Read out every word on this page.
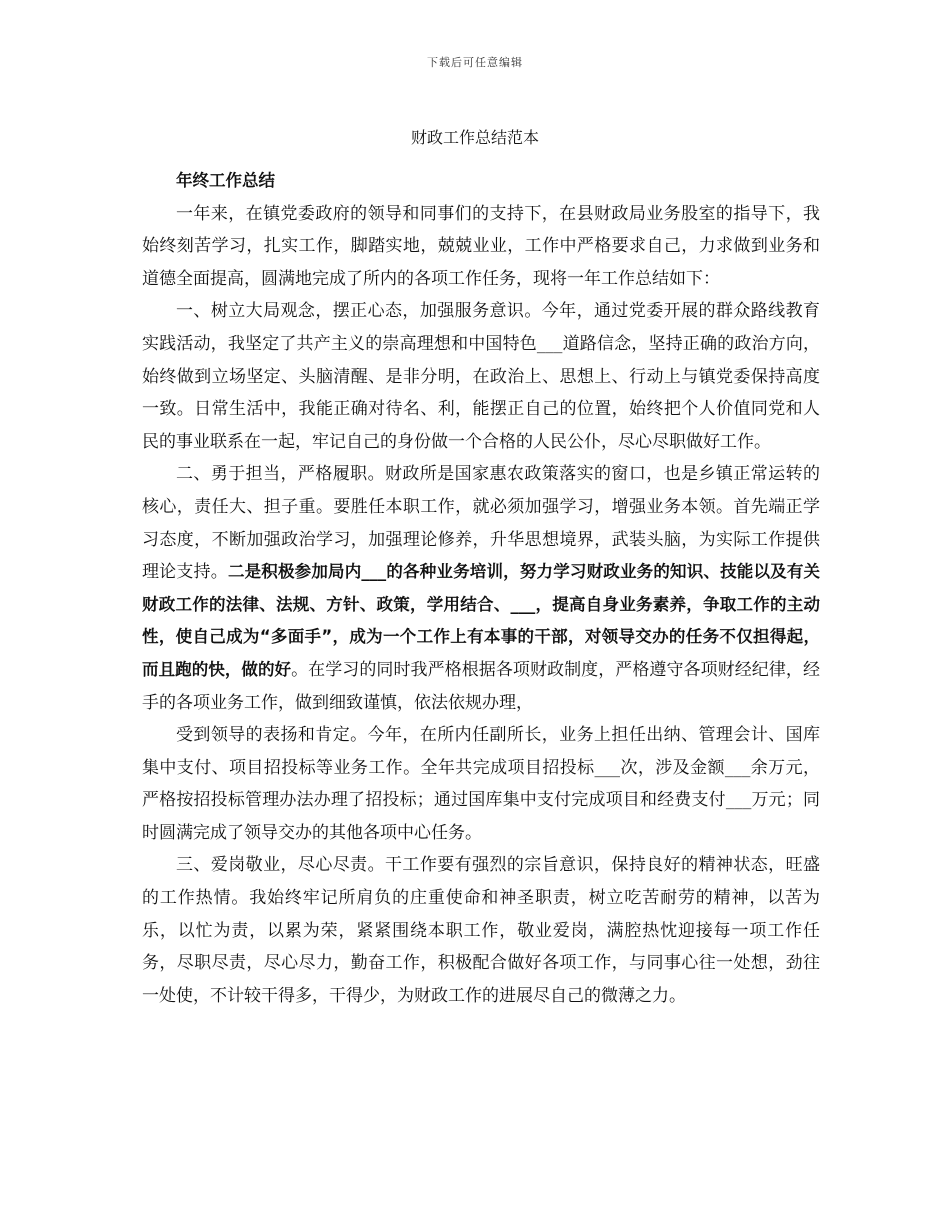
下载后可任意编辑
财政工作总结范本

年终工作总结

一年来，在镇党委政府的领导和同事们的支持下，在县财政局业务股室的指导下，我始终刻苦学习，扎实工作，脚踏实地，兢兢业业，工作中严格要求自己，力求做到业务和道德全面提高，圆满地完成了所内的各项工作任务，现将一年工作总结如下：

一、树立大局观念，摆正心态，加强服务意识。今年，通过党委开展的群众路线教育实践活动，我坚定了共产主义的崇高理想和中国特色___道路信念，坚持正确的政治方向，始终做到立场坚定、头脑清醒、是非分明，在政治上、思想上、行动上与镇党委保持高度一致。日常生活中，我能正确对待名、利，能摆正自己的位置，始终把个人价值同党和人民的事业联系在一起，牢记自己的身份做一个合格的人民公仆，尽心尽职做好工作。

二、勇于担当，严格履职。财政所是国家惠农政策落实的窗口，也是乡镇正常运转的核心，责任大、担子重。要胜任本职工作，就必须加强学习，增强业务本领。首先端正学习态度，不断加强政治学习，加强理论修养，升华思想境界，武装头脑，为实际工作提供理论支持。二是积极参加局内___的各种业务培训，努力学习财政业务的知识、技能以及有关财政工作的法律、法规、方针、政策，学用结合、___，提高自身业务素养，争取工作的主动性，使自己成为“多面手”，成为一个工作上有本事的干部，对领导交办的任务不仅担得起，而且跑的快，做的好。在学习的同时我严格根据各项财政制度，严格遵守各项财经纪律，经手的各项业务工作，做到细致谨慎，依法依规办理，

受到领导的表扬和肯定。今年，在所内任副所长，业务上担任出纳、管理会计、国库集中支付、项目招投标等业务工作。全年共完成项目招投标___次，涉及金额___余万元，严格按招投标管理办法办理了招投标；通过国库集中支付完成项目和经费支付___万元；同时圆满完成了领导交办的其他各项中心任务。

三、爱岗敬业，尽心尽责。干工作要有强烈的宗旨意识，保持良好的精神状态，旺盛的工作热情。我始终牢记所肩负的庄重使命和神圣职责，树立吃苦耐劳的精神，以苦为乐，以忙为责，以累为荣，紧紧围绕本职工作，敬业爱岗，满腔热忱迎接每一项工作任务，尽职尽责，尽心尽力，勤奋工作，积极配合做好各项工作，与同事心往一处想，劲往一处使，不计较干得多，干得少，为财政工作的进展尽自己的微薄之力。
